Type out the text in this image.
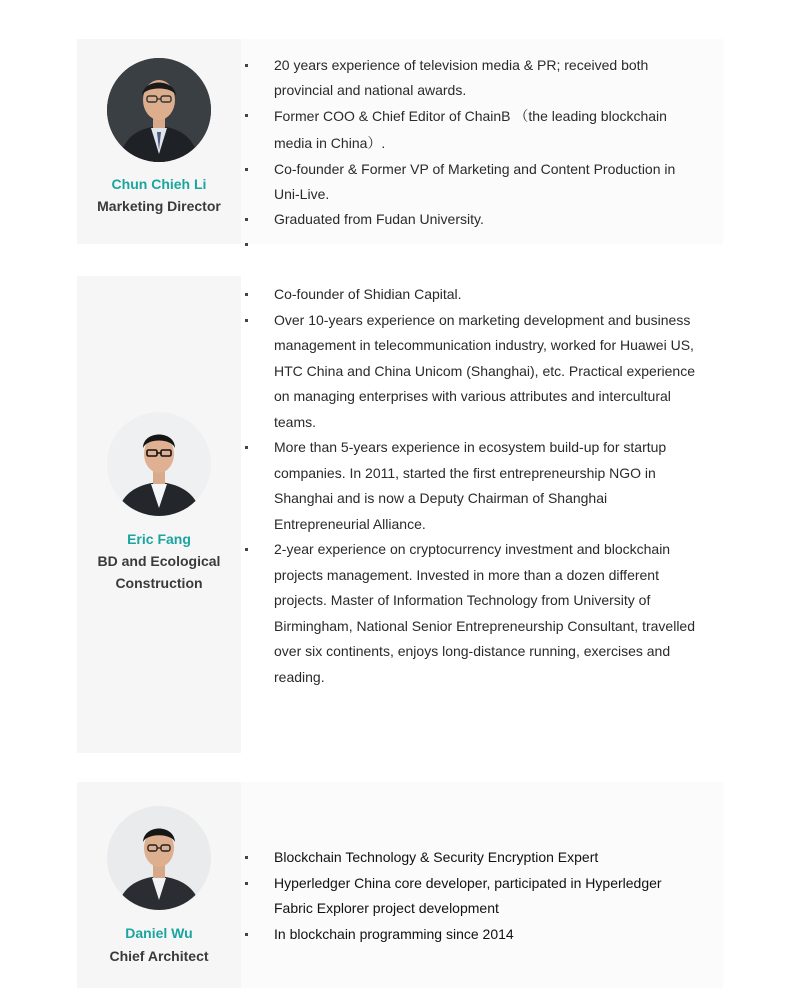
Chun Chieh Li
Marketing Director
20 years experience of television media & PR; received both provincial and national awards.
Former COO & Chief Editor of ChainB （the leading blockchain media in China）.
Co-founder & Former VP of Marketing and Content Production in Uni-Live.
Graduated from Fudan University.
Eric Fang
BD and Ecological Construction
Co-founder of Shidian Capital.
Over 10-years experience on marketing development and business management in telecommunication industry, worked for Huawei US, HTC China and China Unicom (Shanghai), etc. Practical experience on managing enterprises with various attributes and intercultural teams.
More than 5-years experience in ecosystem build-up for startup companies. In 2011, started the first entrepreneurship NGO in Shanghai and is now a Deputy Chairman of Shanghai Entrepreneurial Alliance.
2-year experience on cryptocurrency investment and blockchain projects management. Invested in more than a dozen different projects. Master of Information Technology from University of Birmingham, National Senior Entrepreneurship Consultant, travelled over six continents, enjoys long-distance running, exercises and reading.
Daniel Wu
Chief Architect
Blockchain Technology & Security Encryption Expert
Hyperledger China core developer, participated in Hyperledger Fabric Explorer project development
In blockchain programming since 2014
